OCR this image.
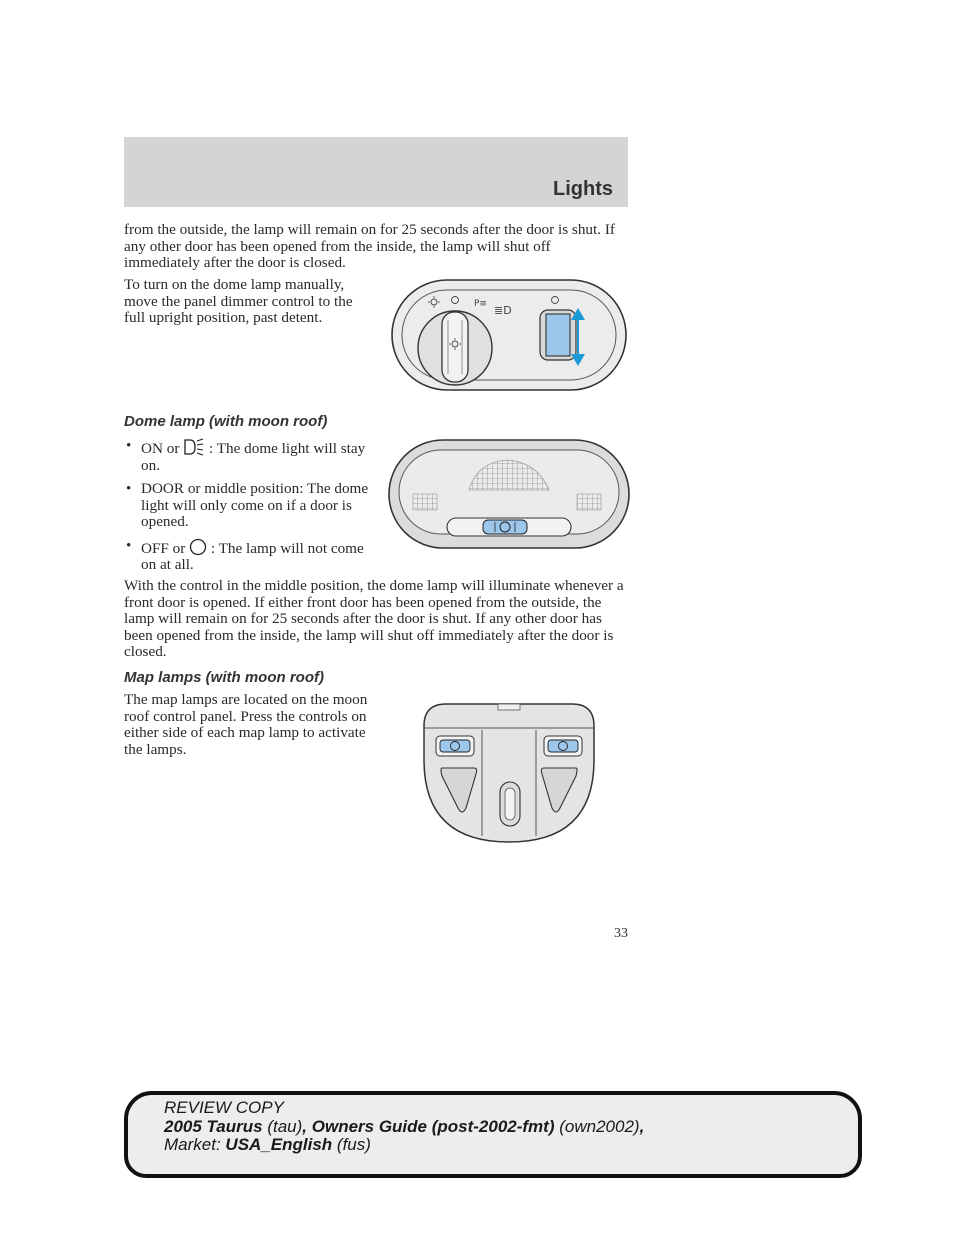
Lights
from the outside, the lamp will remain on for 25 seconds after the door is shut. If any other door has been opened from the inside, the lamp will shut off immediately after the door is closed.
To turn on the dome lamp manually, move the panel dimmer control to the full upright position, past detent.
P≡ ≣D
Dome lamp (with moon roof)
• ON or : The dome light will stay on.
• DOOR or middle position: The dome light will only come on if a door is opened.
• OFF or : The lamp will not come on at all.
With the control in the middle position, the dome lamp will illuminate whenever a front door is opened. If either front door has been opened from the outside, the lamp will remain on for 25 seconds after the door is shut. If any other door has been opened from the inside, the lamp will shut off immediately after the door is closed.
Map lamps (with moon roof)
The map lamps are located on the moon roof control panel. Press the controls on either side of each map lamp to activate the lamps.
33
REVIEW COPY
2005 Taurus (tau), Owners Guide (post-2002-fmt) (own2002),
Market: USA_English (fus)
